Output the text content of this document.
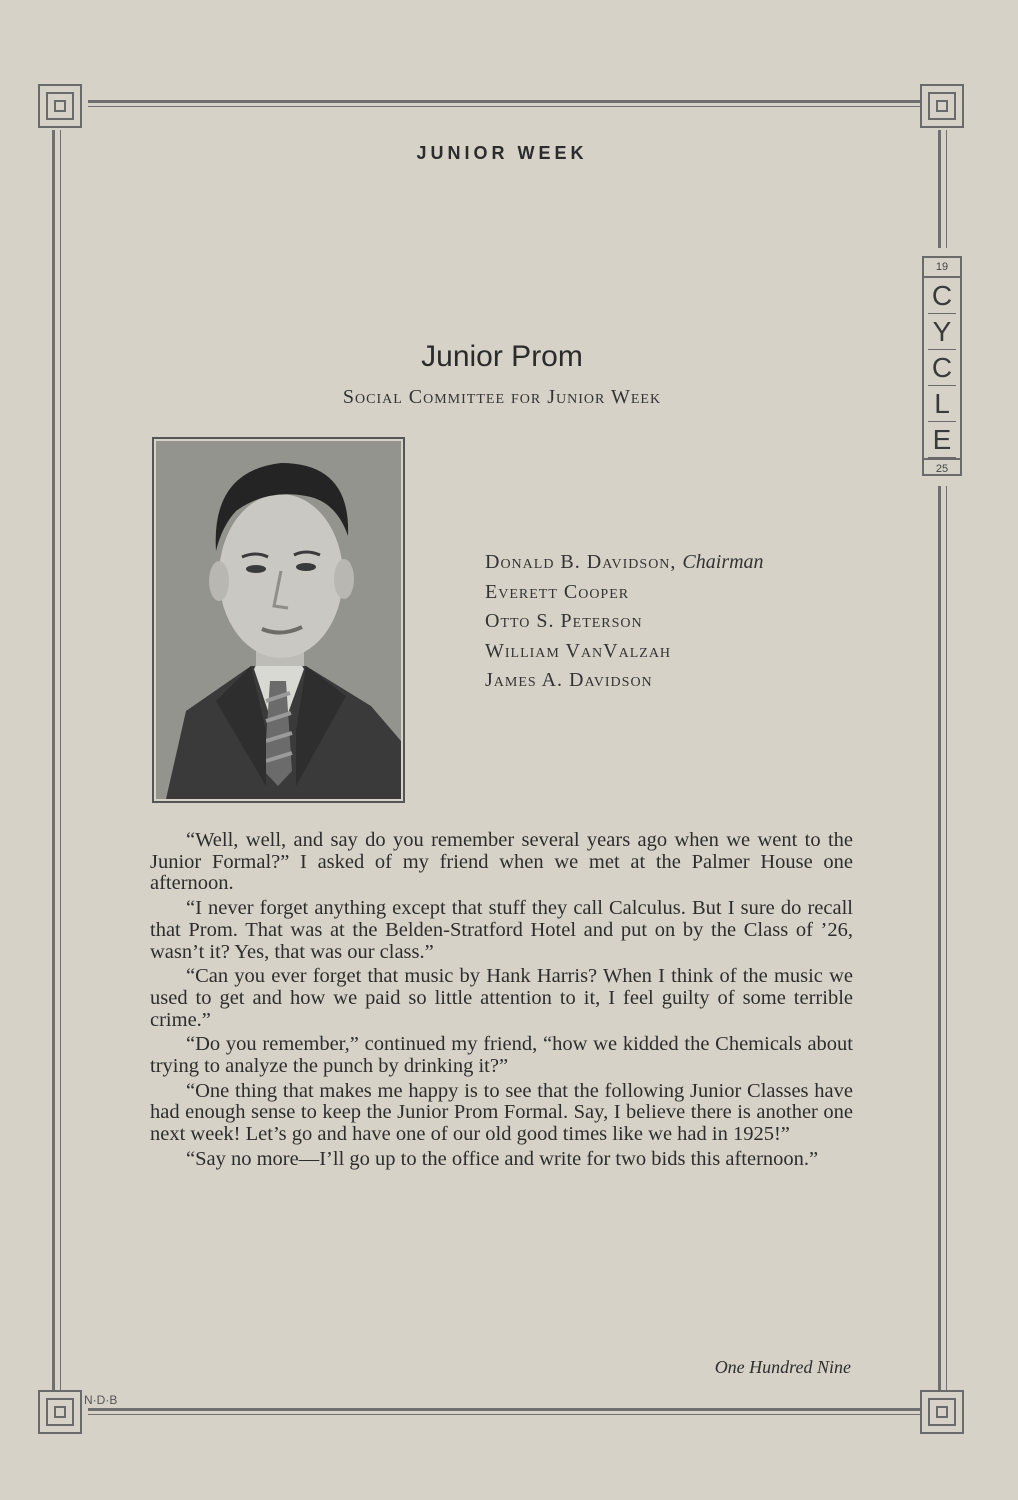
N·D·B
JUNIOR WEEK
19
C
Y
C
L
E
25
Junior Prom
Social Committee for Junior Week
Donald B. Davidson, Chairman
Everett Cooper
Otto S. Peterson
William VanValzah
James A. Davidson

“Well, well, and say do you remember several years ago when we went to the Junior Formal?” I asked of my friend when we met at the Palmer House one afternoon.

“I never forget anything except that stuff they call Calculus. But I sure do recall that Prom. That was at the Belden-Stratford Hotel and put on by the Class of ’26, wasn’t it? Yes, that was our class.”

“Can you ever forget that music by Hank Harris? When I think of the music we used to get and how we paid so little attention to it, I feel guilty of some terrible crime.”

“Do you remember,” continued my friend, “how we kidded the Chemicals about trying to analyze the punch by drinking it?”

“One thing that makes me happy is to see that the following Junior Classes have had enough sense to keep the Junior Prom Formal. Say, I believe there is another one next week! Let’s go and have one of our old good times like we had in 1925!”

“Say no more—I’ll go up to the office and write for two bids this afternoon.”

One Hundred Nine
